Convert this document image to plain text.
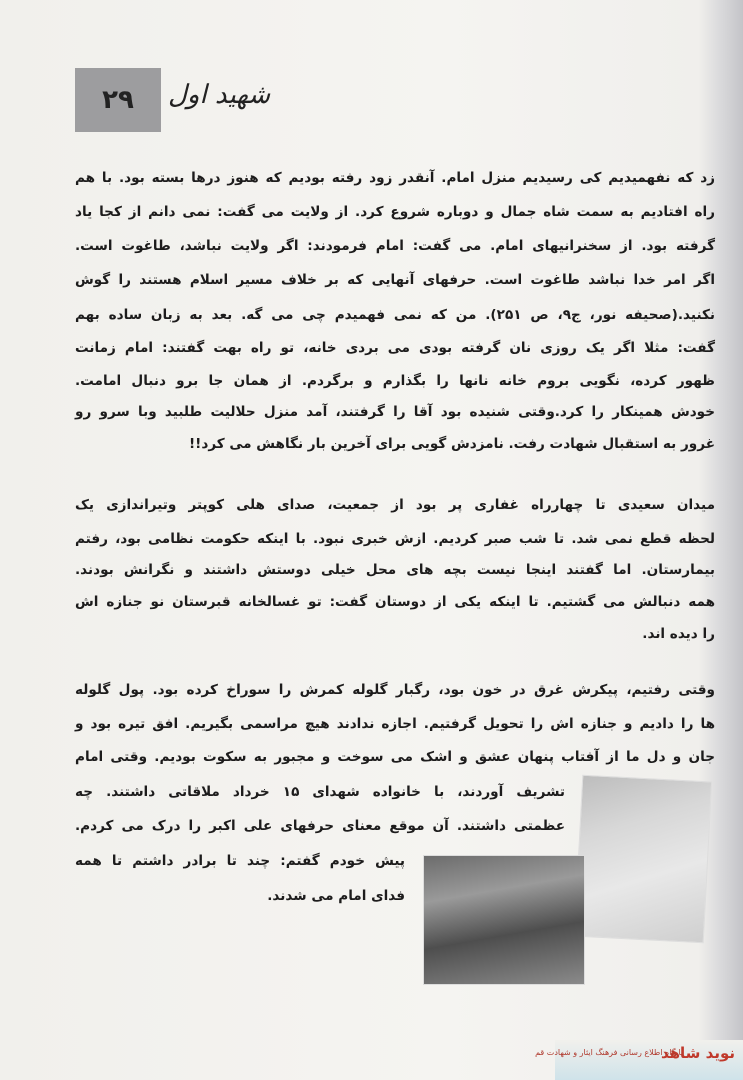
۲۹ شهید اول
زد که نفهمیدیم کی رسیدیم منزل امام. آنقدر زود رفته بودیم که هنوز درها بسته بود. با هم
راه افتادیم به سمت شاه جمال و دوباره شروع کرد. از ولایت می گفت: نمی دانم از کجا یاد
گرفته بود. از سخنرانیهای امام. می گفت: امام فرمودند: اگر ولایت نباشد، طاغوت است.
اگر امر خدا نباشد طاغوت است. حرفهای آنهایی که بر خلاف مسیر اسلام هستند را گوش
نکنید.(صحیفه نور، ج۹، ص ۲۵۱). من که نمی فهمیدم چی می گه. بعد به زبان ساده بهم
گفت: مثلا اگر یک روزی نان گرفته بودی می بردی خانه، تو راه بهت گفتند: امام زمانت
ظهور کرده، نگویی بروم خانه نانها را بگذارم و برگردم. از همان جا برو دنبال امامت.
خودش همینکار را کرد.وقتی شنیده بود آقا را گرفتند، آمد منزل حلالیت طلبید وبا سرو رو
غرور به استقبال شهادت رفت. نامزدش گویی برای آخرین بار نگاهش می کرد!!
میدان سعیدی تا چهارراه غفاری پر بود از جمعیت، صدای هلی کوپتر وتیراندازی یک
لحظه قطع نمی شد. تا شب صبر کردیم. ازش خبری نبود. با اینکه حکومت نظامی بود، رفتم
بیمارستان. اما گفتند اینجا نیست بچه های محل خیلی دوستش داشتند و نگرانش بودند.
همه دنبالش می گشتیم. تا اینکه یکی از دوستان گفت: تو غسالخانه قبرستان نو جنازه اش
را دیده اند.
وقتی رفتیم، پیکرش غرق در خون بود، رگبار گلوله کمرش را سوراخ کرده بود. پول گلوله
ها را دادیم و جنازه اش را تحویل گرفتیم. اجازه ندادند هیچ مراسمی بگیریم. افق تیره بود و
جان و دل ما از آفتاب پنهان عشق و اشک می سوخت و مجبور به سکوت بودیم. وقتی امام
تشریف آوردند، با خانواده شهدای ۱۵ خرداد ملاقاتی داشتند. چه
عظمتی داشتند. آن موقع معنای حرفهای علی اکبر را درک می کردم.
پیش خودم گفتم: چند تا برادر داشتم تا همه
فدای امام می شدند.
نوید شاهد
پایگاه اطلاع رسانی فرهنگ ایثار و شهادت قم
